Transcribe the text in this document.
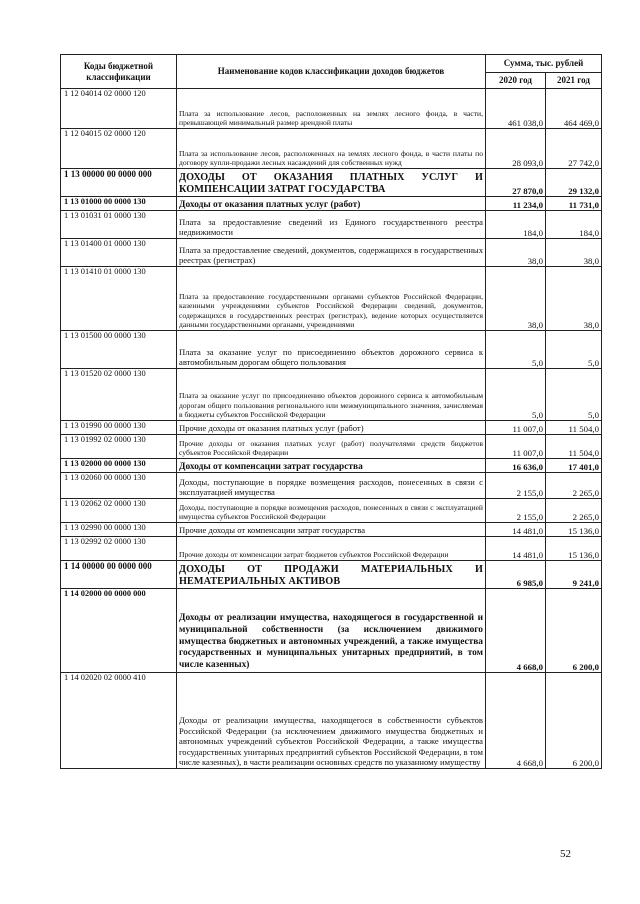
Коды бюджетной классификации	Наименование кодов классификации доходов бюджетов	Сумма, тыс. рублей	
		2020 год	2021 год
1 12 04014 02 0000 120	Плата за использование лесов, расположенных на землях лесного фонда, в части, превышающей минимальный размер арендной платы	461 038,0	464 469,0
1 12 04015 02 0000 120	Плата за использование лесов, расположенных на землях лесного фонда, в части платы по договору купли-продажи лесных насаждений для собственных нужд	28 093,0	27 742,0
1 13 00000 00 0000 000	ДОХОДЫ ОТ ОКАЗАНИЯ ПЛАТНЫХ УСЛУГ И КОМПЕНСАЦИИ ЗАТРАТ ГОСУДАРСТВА	27 870,0	29 132,0
1 13 01000 00 0000 130	Доходы от оказания платных услуг (работ)	11 234,0	11 731,0
1 13 01031 01 0000 130	Плата за предоставление сведений из Единого государственного реестра недвижимости	184,0	184,0
1 13 01400 01 0000 130	Плата за предоставление сведений, документов, содержащихся в государственных реестрах (регистрах)	38,0	38,0
1 13 01410 01 0000 130	Плата за предоставление государственными органами субъектов Российской Федерации, казенными учреждениями субъектов Российской Федерации сведений, документов, содержащихся в государственных реестрах (регистрах), ведение которых осуществляется данными государственными органами, учреждениями	38,0	38,0
1 13 01500 00 0000 130	Плата за оказание услуг по присоединению объектов дорожного сервиса к автомобильным дорогам общего пользования	5,0	5,0
1 13 01520 02 0000 130	Плата за оказание услуг по присоединению объектов дорожного сервиса к автомобильным дорогам общего пользования регионального или межмуниципального значения, зачисляемая в бюджеты субъектов Российской Федерации	5,0	5,0
1 13 01990 00 0000 130	Прочие доходы от оказания платных услуг (работ)	11 007,0	11 504,0
1 13 01992 02 0000 130	Прочие доходы от оказания платных услуг (работ) получателями средств бюджетов субъектов Российской Федерации	11 007,0	11 504,0
1 13 02000 00 0000 130	Доходы от компенсации затрат государства	16 636,0	17 401,0
1 13 02060 00 0000 130	Доходы, поступающие в порядке возмещения расходов, понесенных в связи с эксплуатацией имущества	2 155,0	2 265,0
1 13 02062 02 0000 130	Доходы, поступающие в порядке возмещения расходов, понесенных в связи с эксплуатацией имущества субъектов Российской Федерации	2 155,0	2 265,0
1 13 02990 00 0000 130	Прочие доходы от компенсации затрат государства	14 481,0	15 136,0
1 13 02992 02 0000 130	Прочие доходы от компенсации затрат бюджетов субъектов Российской Федерации	14 481,0	15 136,0
1 14 00000 00 0000 000	ДОХОДЫ ОТ ПРОДАЖИ МАТЕРИАЛЬНЫХ И НЕМАТЕРИАЛЬНЫХ АКТИВОВ	6 985,0	9 241,0
1 14 02000 00 0000 000	Доходы от реализации имущества, находящегося в государственной и муниципальной собственности (за исключением движимого имущества бюджетных и автономных учреждений, а также имущества государственных и муниципальных унитарных предприятий, в том числе казенных)	4 668,0	6 200,0
1 14 02020 02 0000 410	Доходы от реализации имущества, находящегося в собственности субъектов Российской Федерации (за исключением движимого имущества бюджетных и автономных учреждений субъектов Российской Федерации, а также имущества государственных унитарных предприятий субъектов Российской Федерации, в том числе казенных), в части реализации основных средств по указанному имуществу	4 668,0	6 200,0
52
